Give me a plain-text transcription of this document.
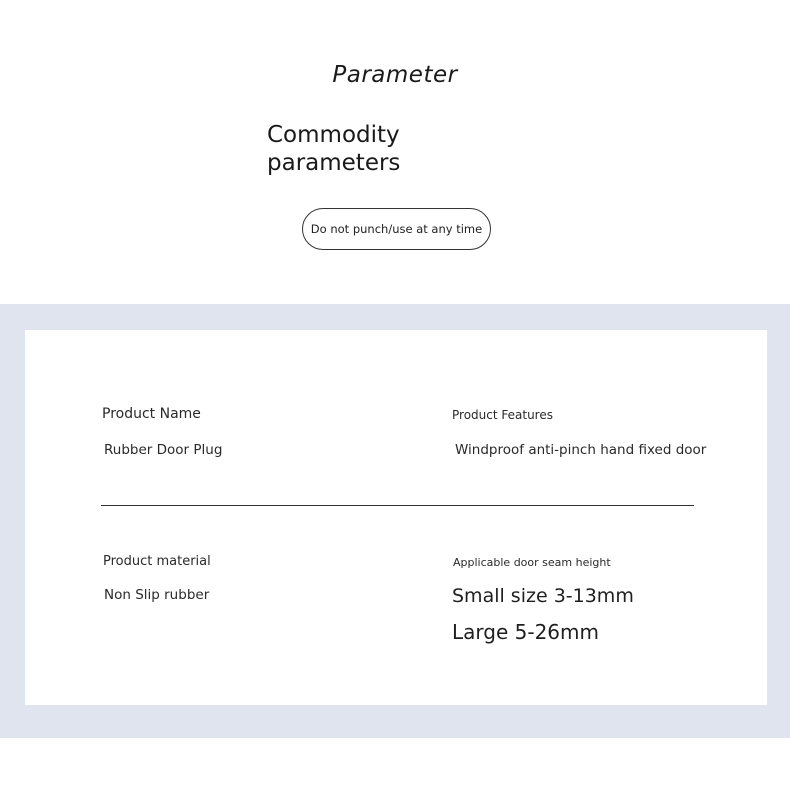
Parameter
Commodity
parameters
Do not punch/use at any time
Product Name
Rubber Door Plug
Product Features
Windproof anti-pinch hand fixed door
Product material
Non Slip rubber
Applicable door seam height
Small size 3-13mm
Large 5-26mm
